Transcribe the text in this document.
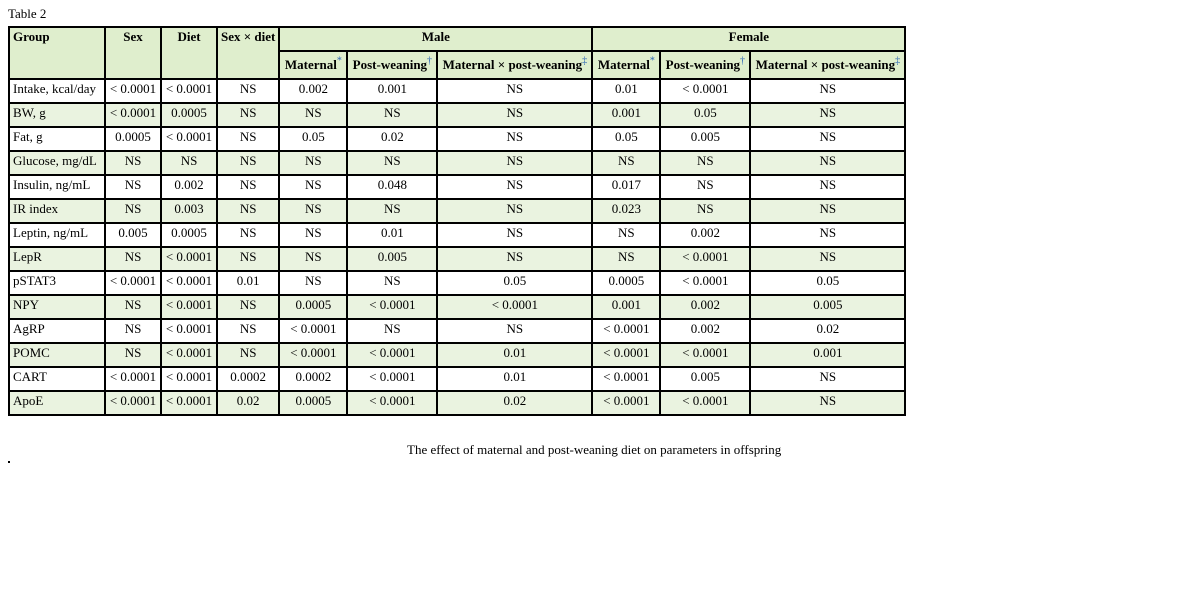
Table 2
Group	Sex	Diet	Sex × diet	Male			Female		
				Maternal*	Post-weaning†	Maternal × post-weaning‡	Maternal*	Post-weaning†	Maternal × post-weaning‡
Intake, kcal/day	< 0.0001	< 0.0001	NS	0.002	0.001	NS	0.01	< 0.0001	NS
BW, g	< 0.0001	0.0005	NS	NS	NS	NS	0.001	0.05	NS
Fat, g	0.0005	< 0.0001	NS	0.05	0.02	NS	0.05	0.005	NS
Glucose, mg/dL	NS	NS	NS	NS	NS	NS	NS	NS	NS
Insulin, ng/mL	NS	0.002	NS	NS	0.048	NS	0.017	NS	NS
IR index	NS	0.003	NS	NS	NS	NS	0.023	NS	NS
Leptin, ng/mL	0.005	0.0005	NS	NS	0.01	NS	NS	0.002	NS
LepR	NS	< 0.0001	NS	NS	0.005	NS	NS	< 0.0001	NS
pSTAT3	< 0.0001	< 0.0001	0.01	NS	NS	0.05	0.0005	< 0.0001	0.05
NPY	NS	< 0.0001	NS	0.0005	< 0.0001	< 0.0001	0.001	0.002	0.005
AgRP	NS	< 0.0001	NS	< 0.0001	NS	NS	< 0.0001	0.002	0.02
POMC	NS	< 0.0001	NS	< 0.0001	< 0.0001	0.01	< 0.0001	< 0.0001	0.001
CART	< 0.0001	< 0.0001	0.0002	0.0002	< 0.0001	0.01	< 0.0001	0.005	NS
ApoE	< 0.0001	< 0.0001	0.02	0.0005	< 0.0001	0.02	< 0.0001	< 0.0001	NS
The effect of maternal and post-weaning diet on parameters in offspring
